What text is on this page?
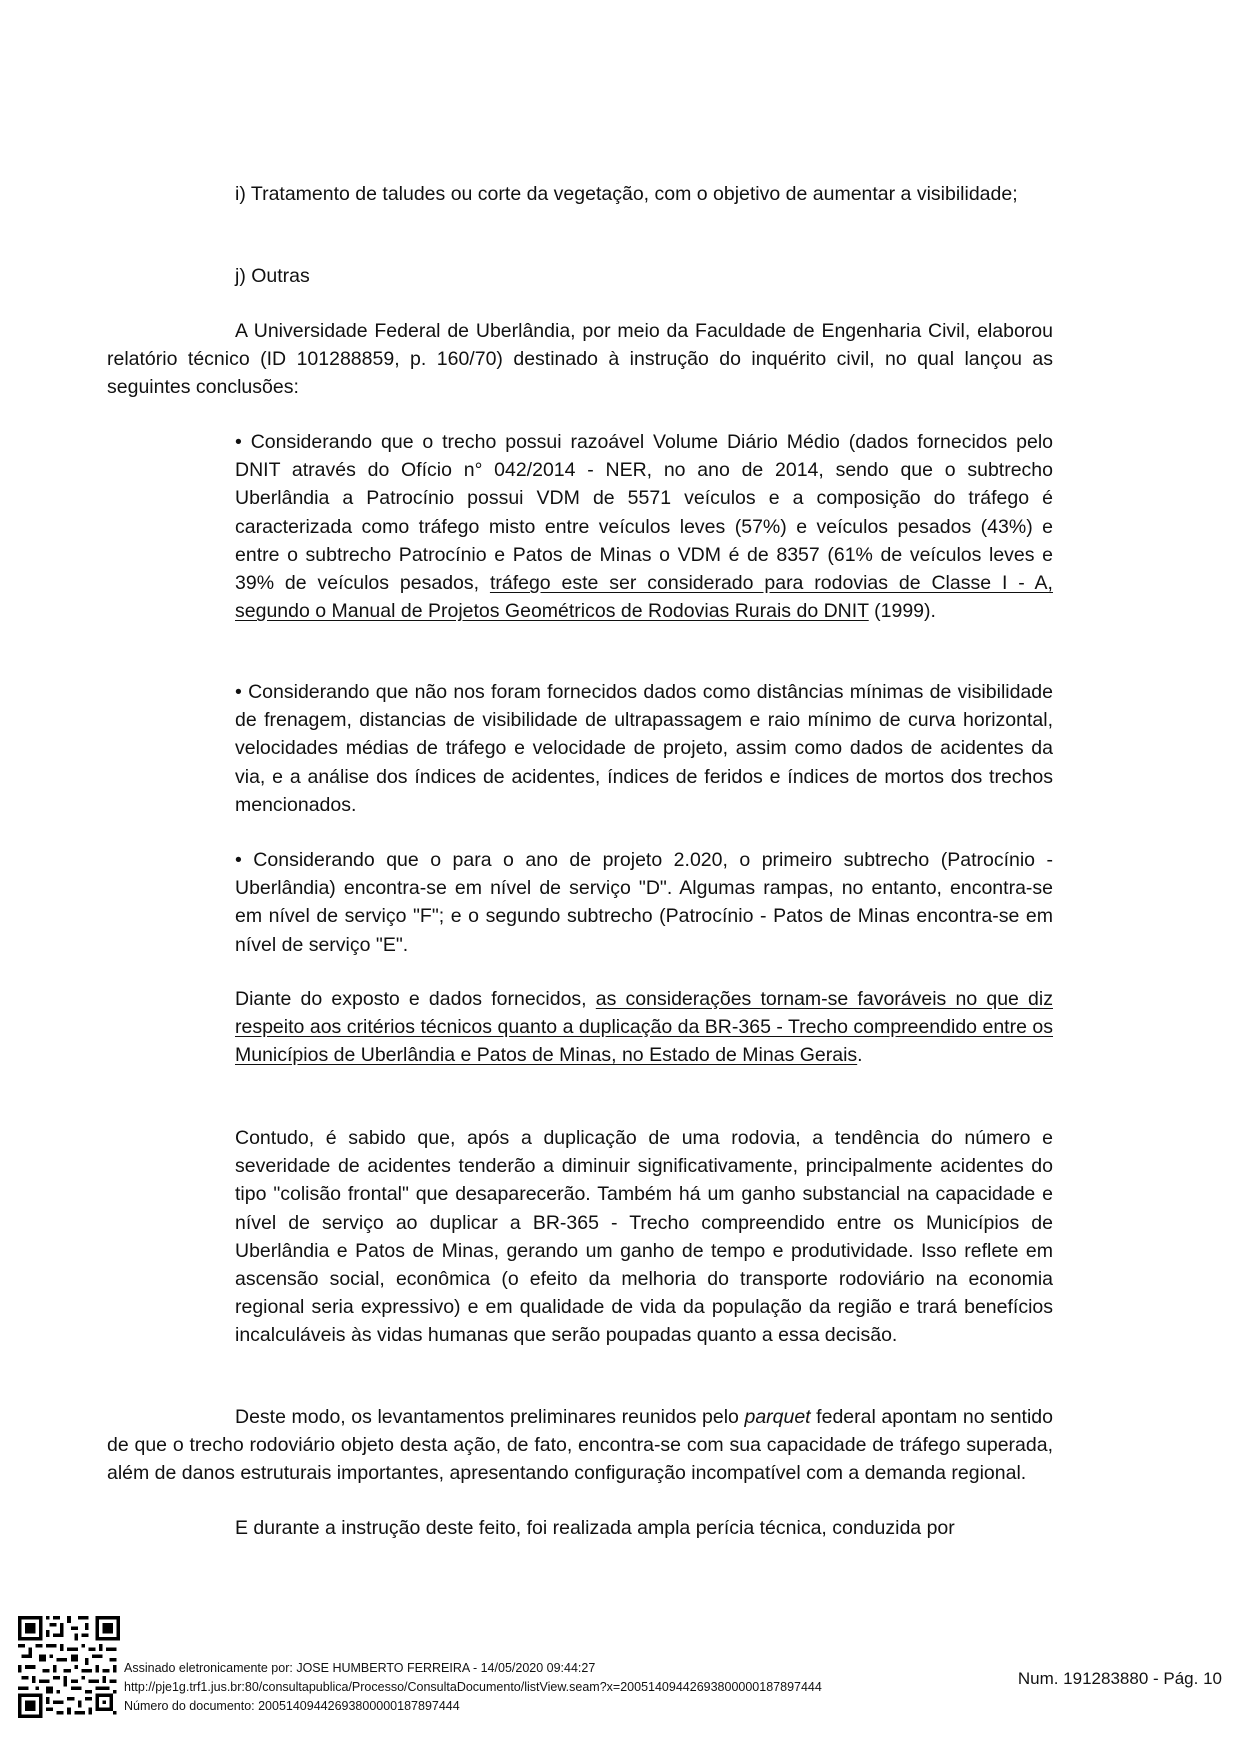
i) Tratamento de taludes ou corte da vegetação, com o objetivo de aumentar a visibilidade;

j) Outras

A Universidade Federal de Uberlândia, por meio da Faculdade de Engenharia Civil, elaborou relatório técnico (ID 101288859, p. 160/70) destinado à instrução do inquérito civil, no qual lançou as seguintes conclusões:

• Considerando que o trecho possui razoável Volume Diário Médio (dados fornecidos pelo DNIT através do Ofício n° 042/2014 - NER, no ano de 2014, sendo que o subtrecho Uberlândia a Patrocínio possui VDM de 5571 veículos e a composição do tráfego é caracterizada como tráfego misto entre veículos leves (57%) e veículos pesados (43%) e entre o subtrecho Patrocínio e Patos de Minas o VDM é de 8357 (61% de veículos leves e 39% de veículos pesados, tráfego este ser considerado para rodovias de Classe I - A, segundo o Manual de Projetos Geométricos de Rodovias Rurais do DNIT (1999).

• Considerando que não nos foram fornecidos dados como distâncias mínimas de visibilidade de frenagem, distancias de visibilidade de ultrapassagem e raio mínimo de curva horizontal, velocidades médias de tráfego e velocidade de projeto, assim como dados de acidentes da via, e a análise dos índices de acidentes, índices de feridos e índices de mortos dos trechos mencionados.

• Considerando que o para o ano de projeto 2.020, o primeiro subtrecho (Patrocínio - Uberlândia) encontra-se em nível de serviço "D". Algumas rampas, no entanto, encontra-se em nível de serviço "F"; e o segundo subtrecho (Patrocínio - Patos de Minas encontra-se em nível de serviço "E".

Diante do exposto e dados fornecidos, as considerações tornam-se favoráveis no que diz respeito aos critérios técnicos quanto a duplicação da BR-365 - Trecho compreendido entre os Municípios de Uberlândia e Patos de Minas, no Estado de Minas Gerais.

Contudo, é sabido que, após a duplicação de uma rodovia, a tendência do número e severidade de acidentes tenderão a diminuir significativamente, principalmente acidentes do tipo "colisão frontal" que desaparecerão. Também há um ganho substancial na capacidade e nível de serviço ao duplicar a BR-365 - Trecho compreendido entre os Municípios de Uberlândia e Patos de Minas, gerando um ganho de tempo e produtividade. Isso reflete em ascensão social, econômica (o efeito da melhoria do transporte rodoviário na economia regional seria expressivo) e em qualidade de vida da população da região e trará benefícios incalculáveis às vidas humanas que serão poupadas quanto a essa decisão.

Deste modo, os levantamentos preliminares reunidos pelo parquet federal apontam no sentido de que o trecho rodoviário objeto desta ação, de fato, encontra-se com sua capacidade de tráfego superada, além de danos estruturais importantes, apresentando configuração incompatível com a demanda regional.

E durante a instrução deste feito, foi realizada ampla perícia técnica, conduzida por

Assinado eletronicamente por: JOSE HUMBERTO FERREIRA - 14/05/2020 09:44:27
http://pje1g.trf1.jus.br:80/consultapublica/Processo/ConsultaDocumento/listView.seam?x=20051409442693800000187897444
Número do documento: 20051409442693800000187897444
Num. 191283880 - Pág. 10
